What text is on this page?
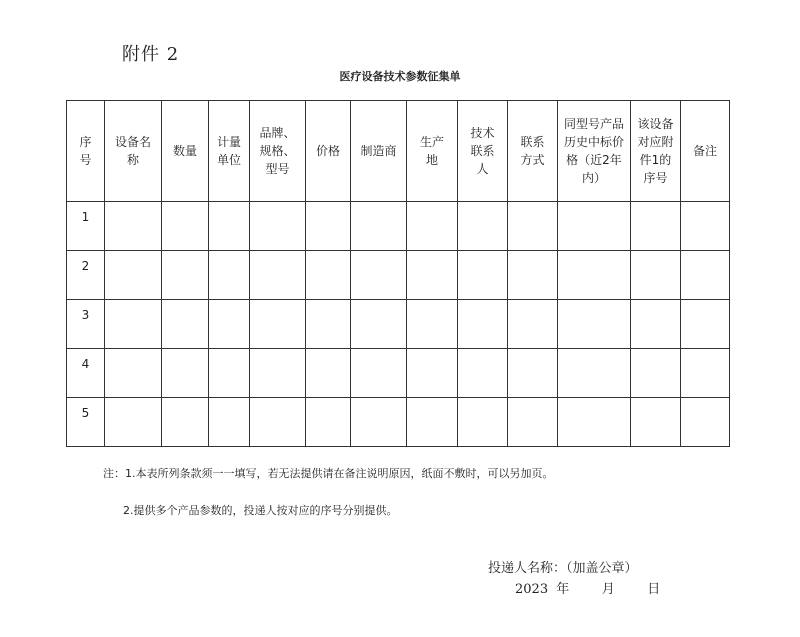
附件 2
医疗设备技术参数征集单
序号	设备名称	数量	计量单位	品牌、规格、型号	价格	制造商	生产地	技术联系人	联系方式	同型号产品历史中标价格（近2年内）	该设备对应附件1的序号	备注
1												
2												
3												
4												
5												
注：1.本表所列条款须一一填写，若无法提供请在备注说明原因，纸面不敷时，可以另加页。
2.提供多个产品参数的，投递人按对应的序号分别提供。
投递人名称：（加盖公章）
2023 年    月    日
